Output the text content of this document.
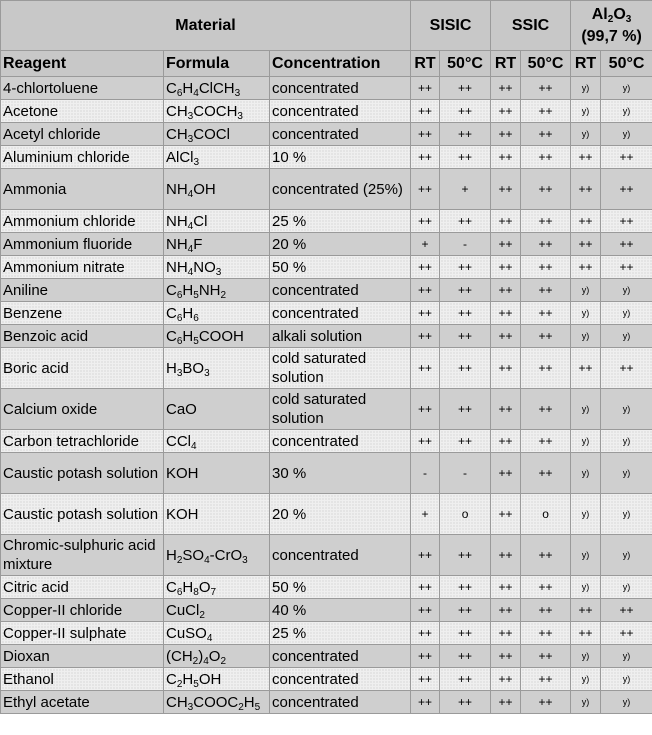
Material			SISIC		SSIC		$Al_2O_3$
(99,7 %)	

Reagent	Formula	Concentration	RT	50°C	RT	50°C	RT	50°C
4-chlortoluene	$C_6H_4ClCH_3$	concentrated	++	++	++	++	y)	y)
Acetone	$CH_3COCH_3$	concentrated	++	++	++	++	y)	y)
Acetyl chloride	$CH_3COCl$	concentrated	++	++	++	++	y)	y)
Aluminium chloride	AlCl$_3$	10 %	++	++	++	++	++	++
Ammonia	$NH_4OH$	concentrated (25%)	++	+	++	++	++	++
Ammonium chloride	$NH_4Cl$	25 %	++	++	++	++	++	++
Ammonium fluoride	$NH_4F$	20 %	+	-	++	++	++	++
Ammonium nitrate	$NH_4NO_3$	50 %	++	++	++	++	++	++
Aniline	$C_6H_5NH_2$	concentrated	++	++	++	++	y)	y)
Benzene	$C_6H_6$	concentrated	++	++	++	++	y)	y)
Benzoic acid	$C_6H_5COOH$	alkali solution	++	++	++	++	y)	y)
Boric acid	$H_3BO_3$	cold saturated solution	++	++	++	++	++	++
Calcium oxide	CaO	cold saturated solution	++	++	++	++	y)	y)
Carbon tetrachloride	CCl$_4$	concentrated	++	++	++	++	y)	y)
Caustic potash solution	KOH	30 %	-	-	++	++	y)	y)
Caustic potash solution	KOH	20 %	+	o	++	o	y)	y)
Chromic-sulphuric acid mixture	$H_2SO_4-CrO_3$	concentrated	++	++	++	++	y)	y)
Citric acid	$C_6H_8O_7$	50 %	++	++	++	++	y)	y)
Copper-II chloride	CuCl$_2$	40 %	++	++	++	++	++	++
Copper-II sulphate	CuSO$_4$	25 %	++	++	++	++	++	++
Dioxan	$(CH_2)_4O_2$	concentrated	++	++	++	++	y)	y)
Ethanol	$C_2H_5OH$	concentrated	++	++	++	++	y)	y)
Ethyl acetate	$CH_3COOC_2H_5$	concentrated	++	++	++	++	y)	y)
